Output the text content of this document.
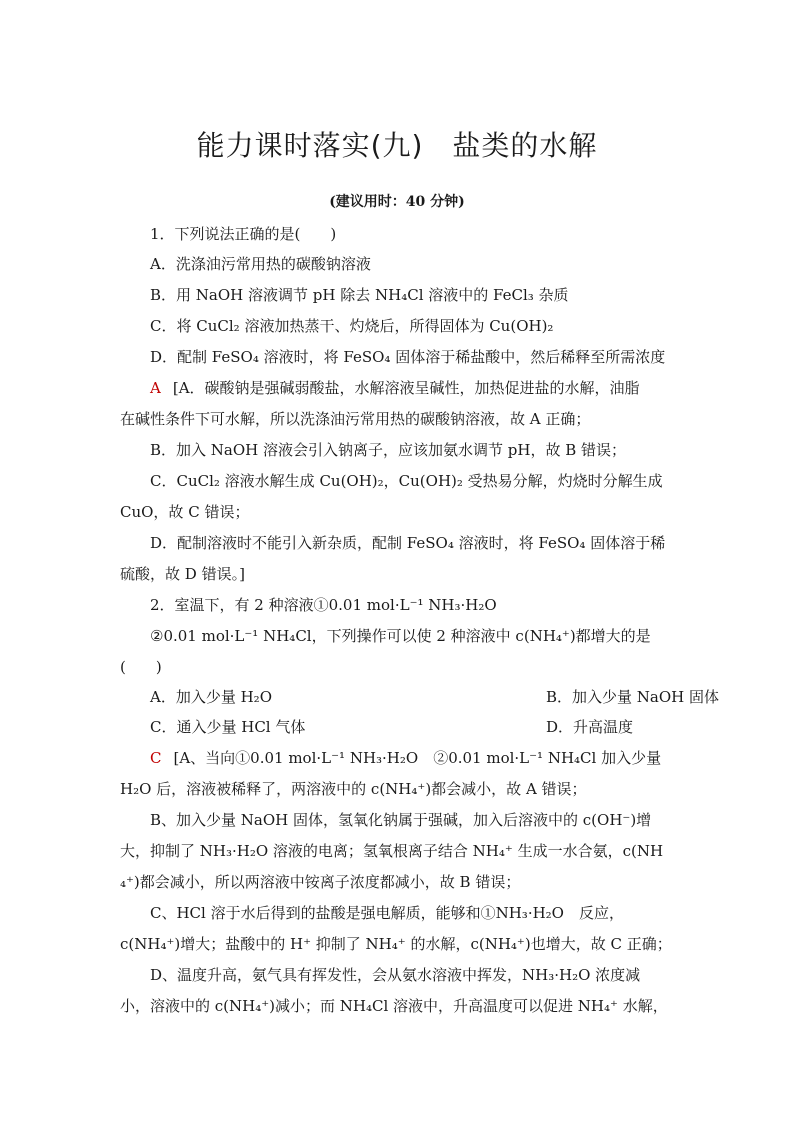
能力课时落实(九)　盐类的水解
(建议用时：40 分钟)
1．下列说法正确的是(　　)
A．洗涤油污常用热的碳酸钠溶液
B．用 NaOH 溶液调节 pH 除去 NH₄Cl 溶液中的 FeCl₃ 杂质
C．将 CuCl₂ 溶液加热蒸干、灼烧后，所得固体为 Cu(OH)₂
D．配制 FeSO₄ 溶液时，将 FeSO₄ 固体溶于稀盐酸中，然后稀释至所需浓度
A [A．碳酸钠是强碱弱酸盐，水解溶液呈碱性，加热促进盐的水解，油脂
在碱性条件下可水解，所以洗涤油污常用热的碳酸钠溶液，故 A 正确；
B．加入 NaOH 溶液会引入钠离子，应该加氨水调节 pH，故 B 错误；
C．CuCl₂ 溶液水解生成 Cu(OH)₂，Cu(OH)₂ 受热易分解，灼烧时分解生成
CuO，故 C 错误；
D．配制溶液时不能引入新杂质，配制 FeSO₄ 溶液时，将 FeSO₄ 固体溶于稀
硫酸，故 D 错误。]
2．室温下，有 2 种溶液①0.01 mol·L⁻¹ NH₃·H₂O
②0.01 mol·L⁻¹ NH₄Cl，下列操作可以使 2 种溶液中 c(NH₄⁺)都增大的是
(　　)
A．加入少量 H₂O	B．加入少量 NaOH 固体
C．通入少量 HCl 气体	D．升高温度
C [A、当向①0.01 mol·L⁻¹ NH₃·H₂O　②0.01 mol·L⁻¹ NH₄Cl 加入少量
H₂O 后，溶液被稀释了，两溶液中的 c(NH₄⁺)都会减小，故 A 错误；
B、加入少量 NaOH 固体，氢氧化钠属于强碱，加入后溶液中的 c(OH⁻)增
大，抑制了 NH₃·H₂O 溶液的电离；氢氧根离子结合 NH₄⁺ 生成一水合氨，c(NH
₄⁺)都会减小，所以两溶液中铵离子浓度都减小，故 B 错误；
C、HCl 溶于水后得到的盐酸是强电解质，能够和①NH₃·H₂O　反应，
c(NH₄⁺)增大；盐酸中的 H⁺ 抑制了 NH₄⁺ 的水解，c(NH₄⁺)也增大，故 C 正确；
D、温度升高，氨气具有挥发性，会从氨水溶液中挥发，NH₃·H₂O 浓度减
小，溶液中的 c(NH₄⁺)减小；而 NH₄Cl 溶液中，升高温度可以促进 NH₄⁺ 水解，
